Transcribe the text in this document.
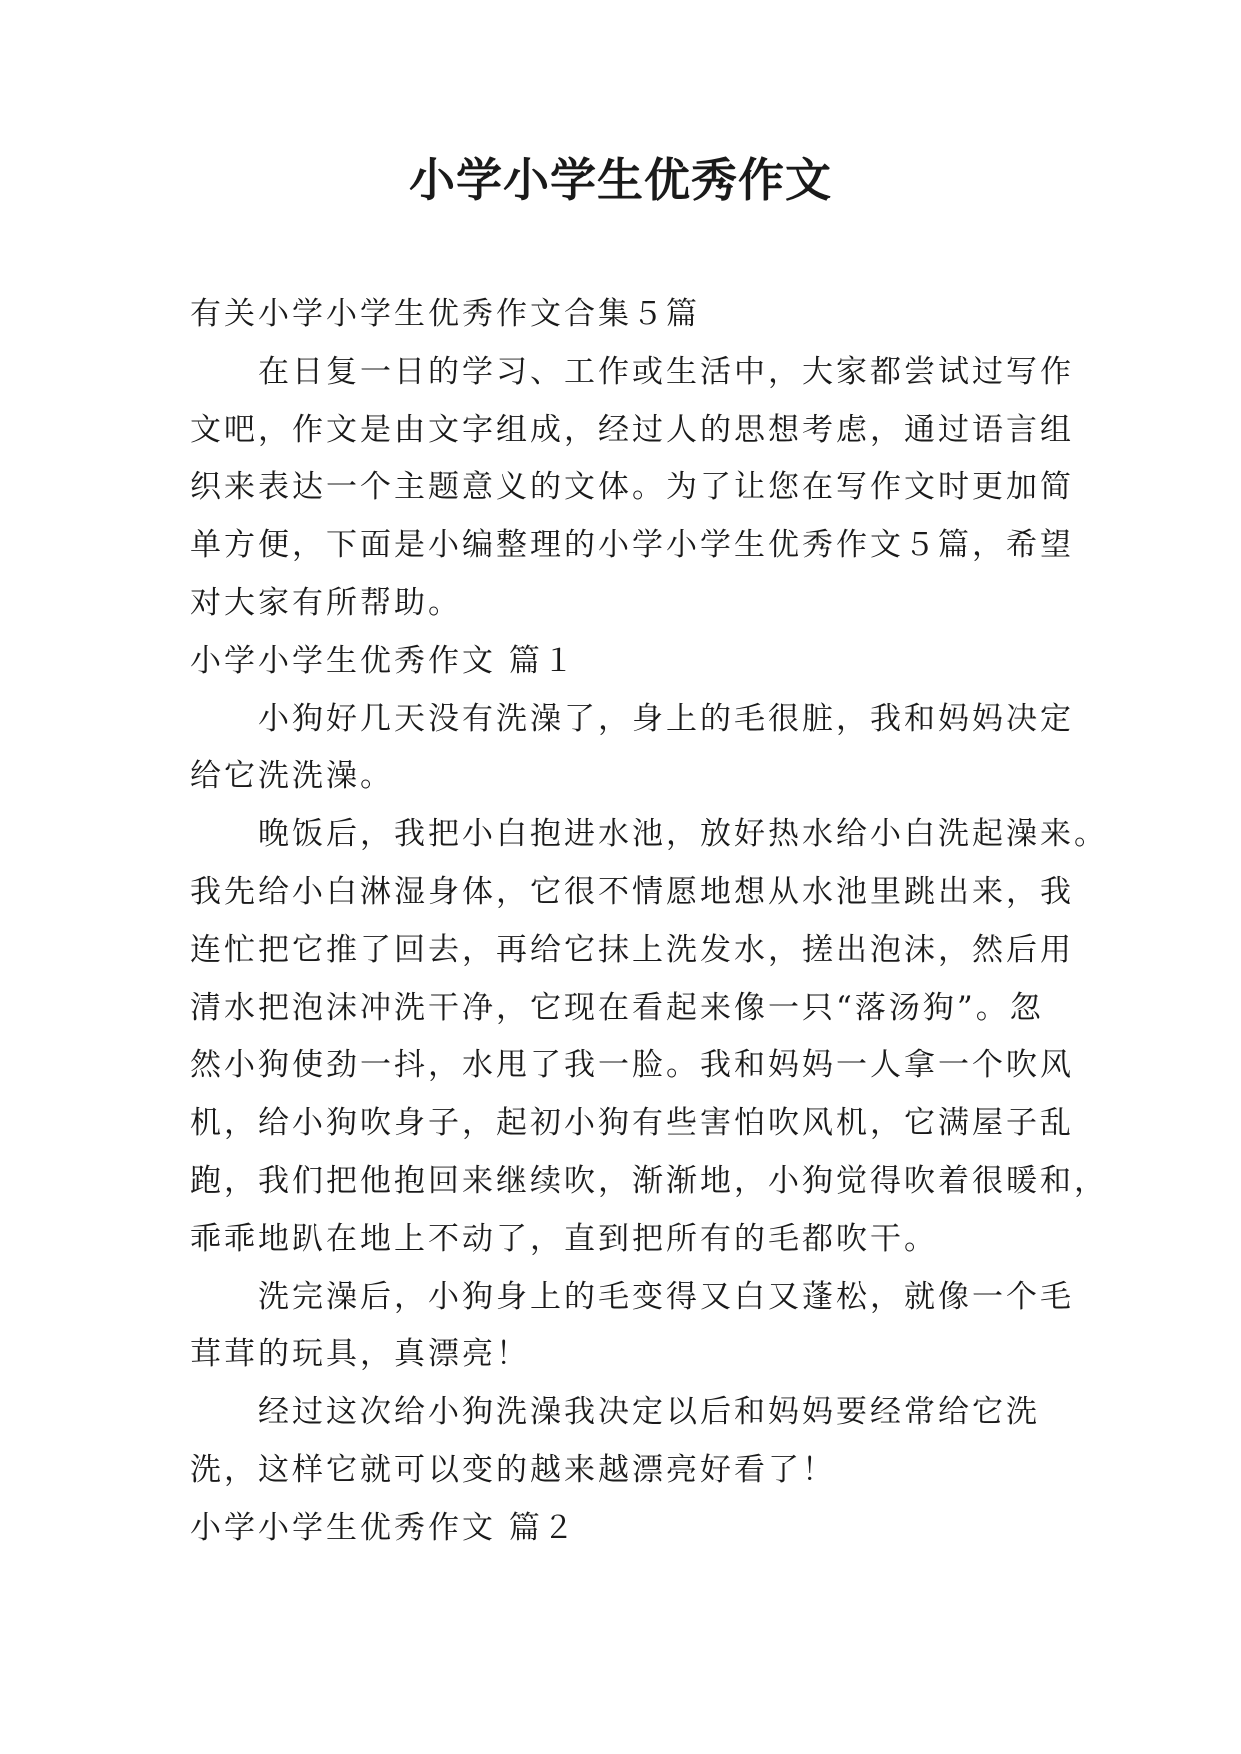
小学小学生优秀作文
有关小学小学生优秀作文合集５篇
在日复一日的学习、工作或生活中，大家都尝试过写作
文吧，作文是由文字组成，经过人的思想考虑，通过语言组
织来表达一个主题意义的文体。为了让您在写作文时更加简
单方便，下面是小编整理的小学小学生优秀作文５篇，希望
对大家有所帮助。
小学小学生优秀作文 篇１
小狗好几天没有洗澡了，身上的毛很脏，我和妈妈决定
给它洗洗澡。
晚饭后，我把小白抱进水池，放好热水给小白洗起澡来。
我先给小白淋湿身体，它很不情愿地想从水池里跳出来，我
连忙把它推了回去，再给它抹上洗发水，搓出泡沫，然后用
清水把泡沫冲洗干净，它现在看起来像一只“落汤狗”。忽
然小狗使劲一抖，水甩了我一脸。我和妈妈一人拿一个吹风
机，给小狗吹身子，起初小狗有些害怕吹风机，它满屋子乱
跑，我们把他抱回来继续吹，渐渐地，小狗觉得吹着很暖和，
乖乖地趴在地上不动了，直到把所有的毛都吹干。
洗完澡后，小狗身上的毛变得又白又蓬松，就像一个毛
茸茸的玩具，真漂亮！
经过这次给小狗洗澡我决定以后和妈妈要经常给它洗
洗，这样它就可以变的越来越漂亮好看了！
小学小学生优秀作文 篇２
